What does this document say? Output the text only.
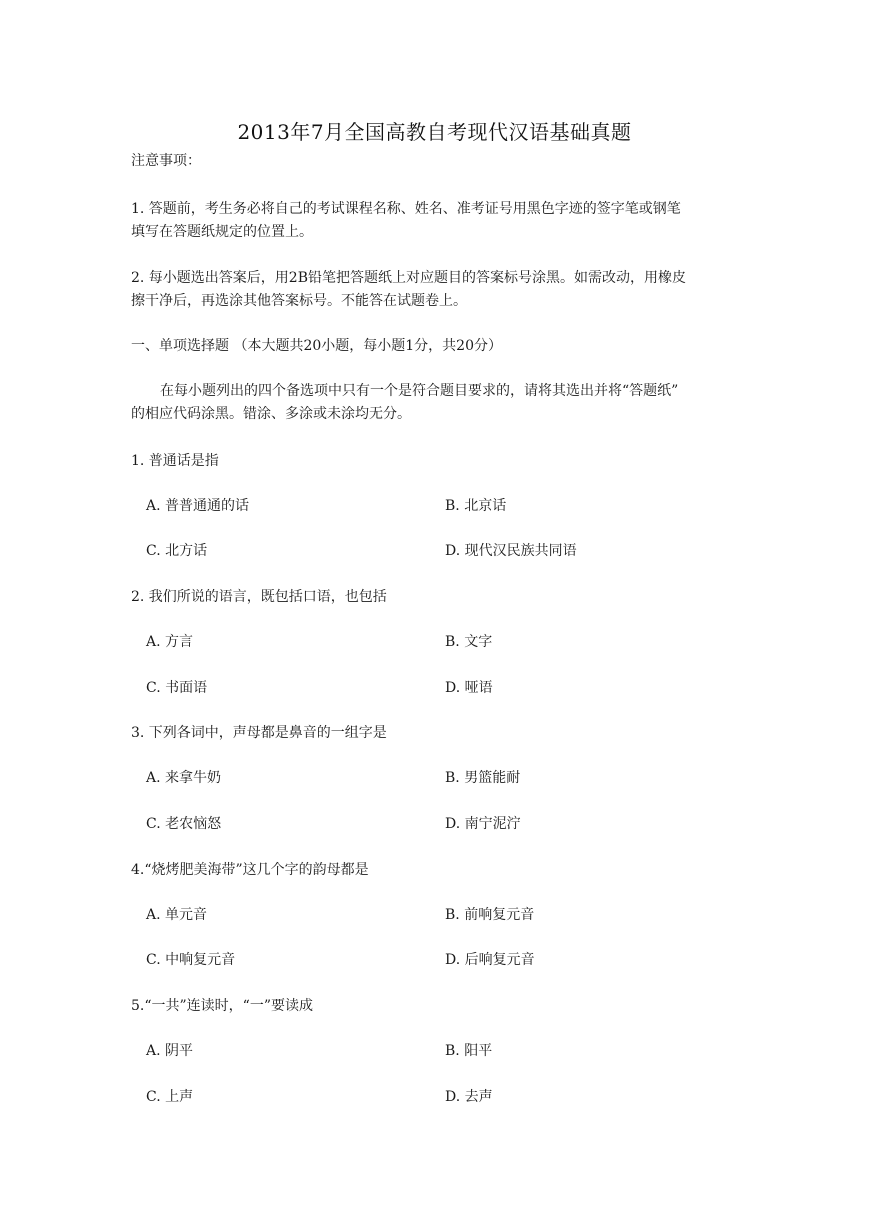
2013年7月全国高教自考现代汉语基础真题
注意事项：
1. 答题前，考生务必将自己的考试课程名称、姓名、准考证号用黑色字迹的签字笔或钢笔
填写在答题纸规定的位置上。
2. 每小题选出答案后，用2B铅笔把答题纸上对应题目的答案标号涂黑。如需改动，用橡皮
擦干净后，再选涂其他答案标号。不能答在试题卷上。
一、单项选择题 （本大题共20小题，每小题1分，共20分）
在每小题列出的四个备选项中只有一个是符合题目要求的，请将其选出并将“答题纸”
的相应代码涂黑。错涂、多涂或未涂均无分。
1. 普通话是指
A. 普普通通的话	B. 北京话
C. 北方话	D. 现代汉民族共同语
2. 我们所说的语言，既包括口语，也包括
A. 方言	B. 文字
C. 书面语	D. 哑语
3. 下列各词中，声母都是鼻音的一组字是
A. 来拿牛奶	B. 男篮能耐
C. 老农恼怒	D. 南宁泥泞
4.“烧烤肥美海带”这几个字的韵母都是
A. 单元音	B. 前响复元音
C. 中响复元音	D. 后响复元音
5.“一共”连读时，“一”要读成
A. 阴平	B. 阳平
C. 上声	D. 去声
